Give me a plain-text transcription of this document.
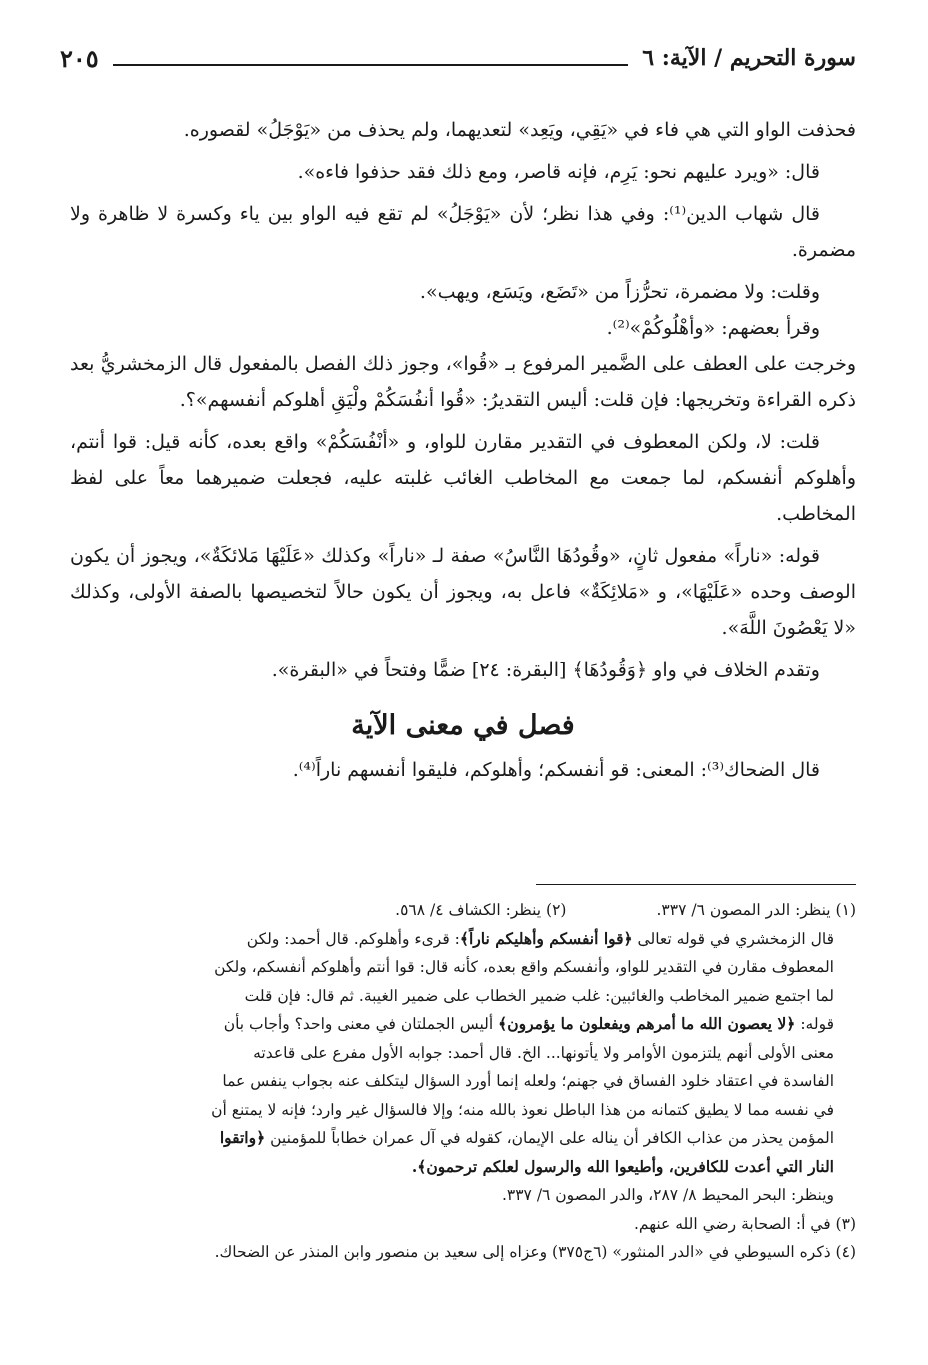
سورة التحريم / الآية: ٦
٢٠٥

فحذفت الواو التي هي فاء في «يَقِي، ويَعِد» لتعديهما، ولم يحذف من «يَوْجَلُ» لقصوره.

قال: «ويرد عليهم نحو: يَرِم، فإنه قاصر، ومع ذلك فقد حذفوا فاءه».

قال شهاب الدين⁽¹⁾: وفي هذا نظر؛ لأن «يَوْجَلُ» لم تقع فيه الواو بين ياء وكسرة لا ظاهرة ولا مضمرة.

وقلت: ولا مضمرة، تحرُّزاً من «تَضَع، ويَسَع، ويهب».

وقرأ بعضهم: «وأهْلُوكُمْ»⁽²⁾.

وخرجت على العطف على الضَّمير المرفوع بـ «قُوا»، وجوز ذلك الفصل بالمفعول قال الزمخشريُّ بعد ذكره القراءة وتخريجها: فإن قلت: أليس التقديرُ: «قُوا أنفُسَكُمْ ولْيَقِ أهلوكم أنفسهم»؟.

قلت: لا، ولكن المعطوف في التقدير مقارن للواو، و «أنْفُسَكُمْ» واقع بعده، كأنه قيل: قوا أنتم، وأهلوكم أنفسكم، لما جمعت مع المخاطب الغائب غلبته عليه، فجعلت ضميرهما معاً على لفظ المخاطب.

قوله: «ناراً» مفعول ثانٍ، «وقُودُهَا النَّاسُ» صفة لـ «ناراً» وكذلك «عَلَيْهَا مَلائكَةٌ»، ويجوز أن يكون الوصف وحده «عَلَيْهَا»، و «مَلائِكَةٌ» فاعل به، ويجوز أن يكون حالاً لتخصيصها بالصفة الأولى، وكذلك «لا يَعْصُونَ اللَّهَ».

وتقدم الخلاف في واو ﴿وَقُودُهَا﴾ [البقرة: ٢٤] ضمًّا وفتحاً في «البقرة».

فصل في معنى الآية

قال الضحاك⁽³⁾: المعنى: قو أنفسكم؛ وأهلوكم، فليقوا أنفسهم ناراً⁽⁴⁾.

(١) ينظر: الدر المصون ٦/ ٣٣٧.
(٢) ينظر: الكشاف ٤/ ٥٦٨.

قال الزمخشري في قوله تعالى ﴿قوا أنفسكم وأهليكم ناراً﴾: قرىء وأهلوكم. قال أحمد: ولكن

المعطوف مقارن في التقدير للواو، وأنفسكم واقع بعده، كأنه قال: قوا أنتم وأهلوكم أنفسكم، ولكن

لما اجتمع ضمير المخاطب والغائبين: غلب ضمير الخطاب على ضمير الغيبة. ثم قال: فإن قلت

قوله: ﴿لا يعصون الله ما أمرهم ويفعلون ما يؤمرون﴾ أليس الجملتان في معنى واحد؟ وأجاب بأن

معنى الأولى أنهم يلتزمون الأوامر ولا يأتونها... الخ. قال أحمد: جوابه الأول مفرع على قاعدته

الفاسدة في اعتقاد خلود الفساق في جهنم؛ ولعله إنما أورد السؤال ليتكلف عنه بجواب ينفس عما

في نفسه مما لا يطيق كتمانه من هذا الباطل نعوذ بالله منه؛ وإلا فالسؤال غير وارد؛ فإنه لا يمتنع أن

المؤمن يحذر من عذاب الكافر أن يناله على الإيمان، كقوله في آل عمران خطاباً للمؤمنين ﴿واتقوا

النار التي أعدت للكافرين، وأطيعوا الله والرسول لعلكم ترحمون﴾.

وينظر: البحر المحيط ٨/ ٢٨٧، والدر المصون ٦/ ٣٣٧.

(٣) في أ: الصحابة رضي الله عنهم.

(٤) ذكره السيوطي في «الدر المنثور» (٦ج٣٧٥) وعزاه إلى سعيد بن منصور وابن المنذر عن الضحاك.
